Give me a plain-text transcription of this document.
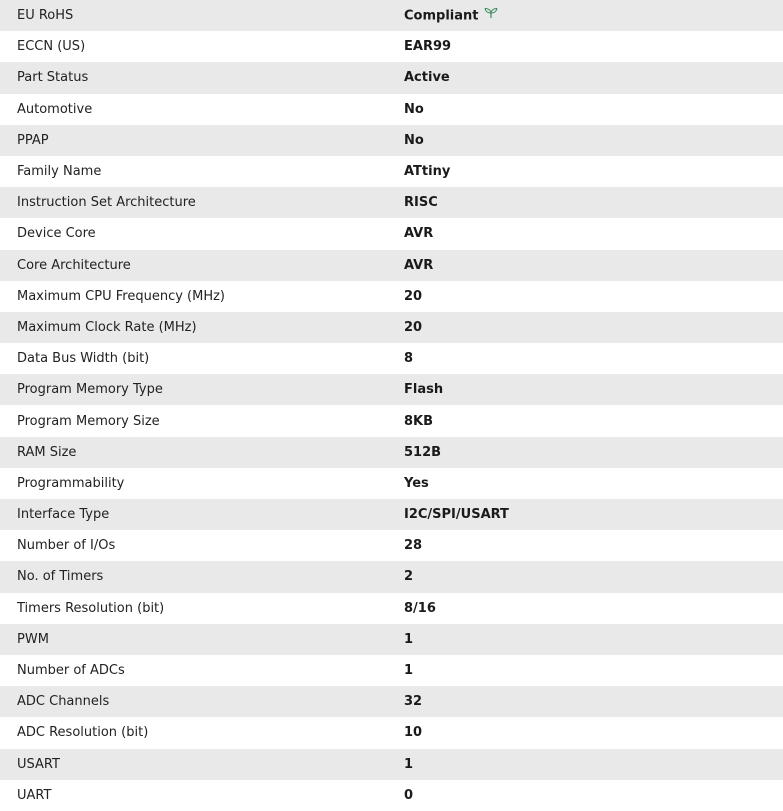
EU RoHS	Compliant
ECCN (US)	EAR99
Part Status	Active
Automotive	No
PPAP	No
Family Name	ATtiny
Instruction Set Architecture	RISC
Device Core	AVR
Core Architecture	AVR
Maximum CPU Frequency (MHz)	20
Maximum Clock Rate (MHz)	20
Data Bus Width (bit)	8
Program Memory Type	Flash
Program Memory Size	8KB
RAM Size	512B
Programmability	Yes
Interface Type	I2C/SPI/USART
Number of I/Os	28
No. of Timers	2
Timers Resolution (bit)	8/16
PWM	1
Number of ADCs	1
ADC Channels	32
ADC Resolution (bit)	10
USART	1
UART	0
